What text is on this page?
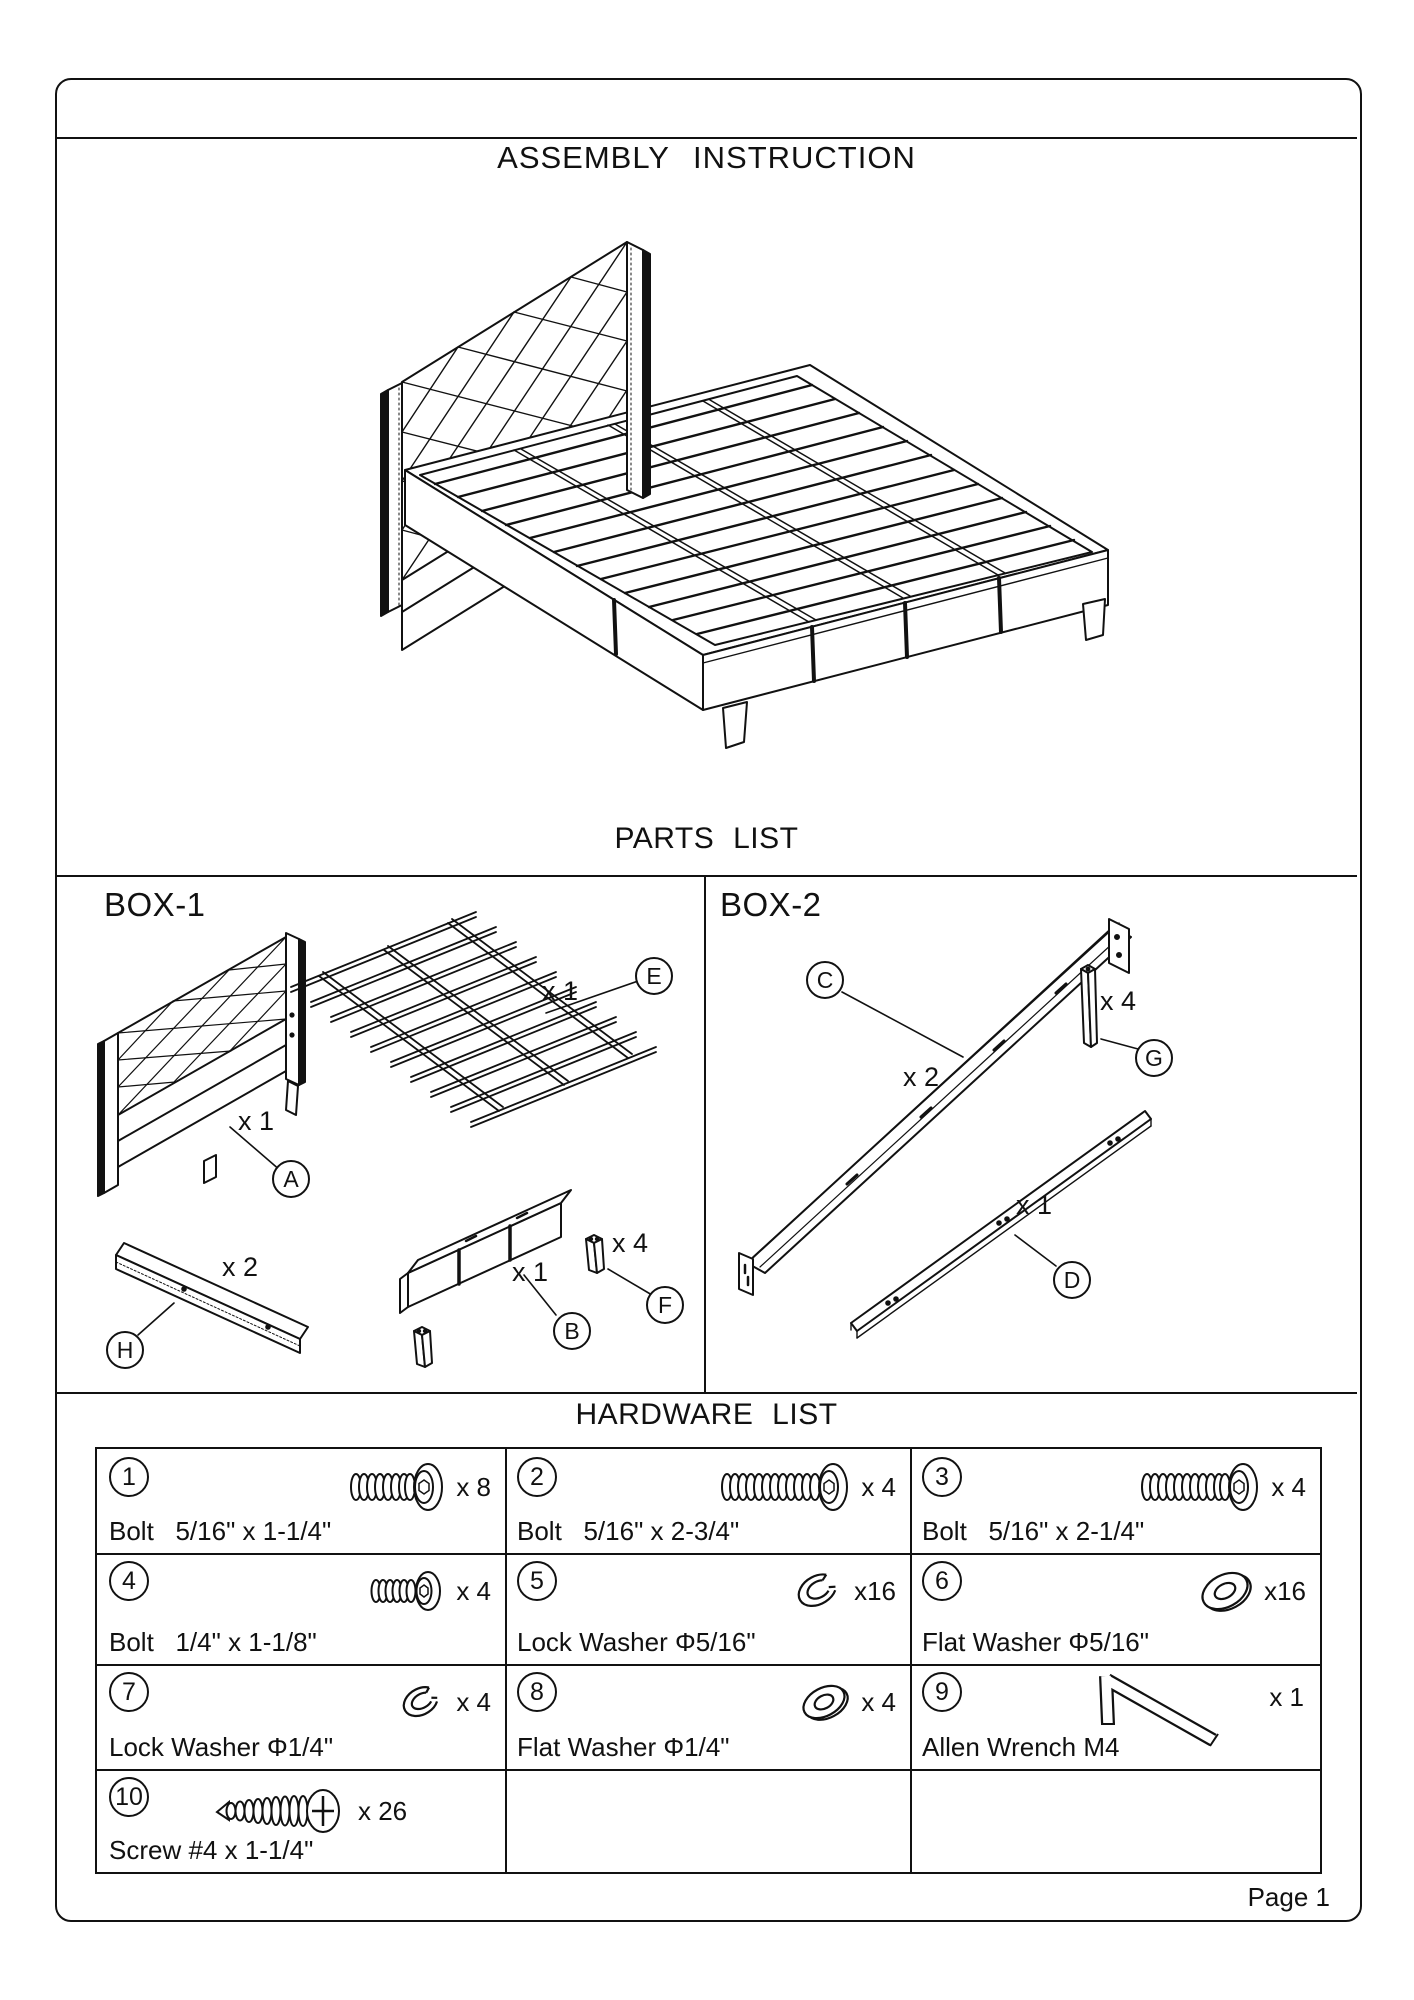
ASSEMBLY INSTRUCTION
PARTS LIST
BOX-1	BOX-2
x 1
A
x 1
E
x 2
H
x 1
B
x 4
F
C
x 2
x 4
G
x 1
D
HARDWARE LIST
1	x 8
Bolt   5/16" x 1-1/4"
2	x 4
Bolt   5/16" x 2-3/4"
3	x 4
Bolt   5/16" x 2-1/4"
4	x 4
Bolt   1/4" x 1-1/8"
5	x16
Lock Washer Φ5/16"
6	x16
Flat Washer Φ5/16"
7	x 4
Lock Washer Φ1/4"
8	x 4
Flat Washer Φ1/4"
9	x 1
Allen Wrench M4
10	x 26
Screw #4 x 1-1/4"
Page 1
